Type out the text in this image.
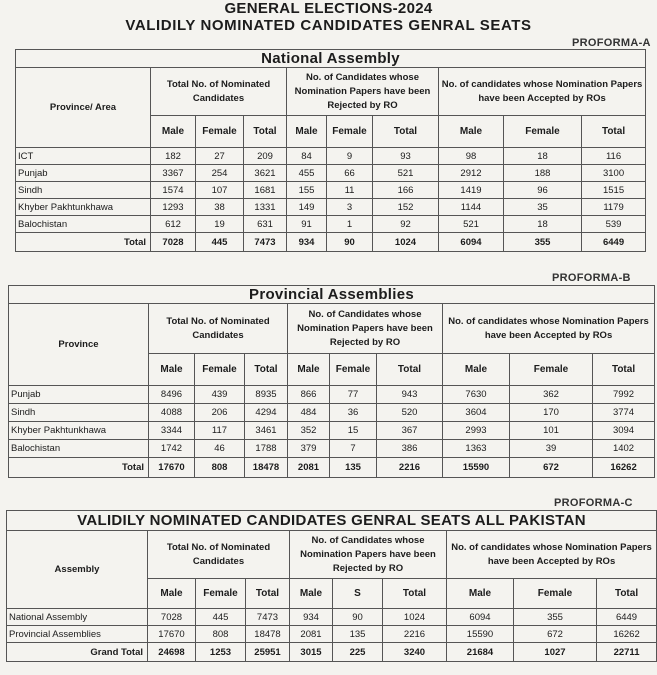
GENERAL ELECTIONS-2024
VALIDILY NOMINATED CANDIDATES GENRAL SEATS
PROFORMA-A
National Assembly									
Province/ Area	Total No. of Nominated Candidates			No. of Candidates whose Nomination Papers have been Rejected by RO			No. of candidates whose Nomination Papers have been Accepted by ROs		
	Male	Female	Total	Male	Female	Total	Male	Female	Total
ICT	182	27	209	84	9	93	98	18	116
Punjab	3367	254	3621	455	66	521	2912	188	3100
Sindh	1574	107	1681	155	11	166	1419	96	1515
Khyber Pakhtunkhawa	1293	38	1331	149	3	152	1144	35	1179
Balochistan	612	19	631	91	1	92	521	18	539
Total	7028	445	7473	934	90	1024	6094	355	6449
PROFORMA-B
Provincial Assemblies									
Province	Total No. of Nominated Candidates			No. of Candidates whose Nomination Papers have been Rejected by RO			No. of candidates whose Nomination Papers have been Accepted by ROs		
	Male	Female	Total	Male	Female	Total	Male	Female	Total
Punjab	8496	439	8935	866	77	943	7630	362	7992
Sindh	4088	206	4294	484	36	520	3604	170	3774
Khyber Pakhtunkhawa	3344	117	3461	352	15	367	2993	101	3094
Balochistan	1742	46	1788	379	7	386	1363	39	1402
Total	17670	808	18478	2081	135	2216	15590	672	16262
PROFORMA-C
VALIDILY NOMINATED CANDIDATES GENRAL SEATS ALL PAKISTAN									
Assembly	Total No. of Nominated Candidates			No. of Candidates whose Nomination Papers have been Rejected by RO			No. of candidates whose Nomination Papers have been Accepted by ROs		
	Male	Female	Total	Male	S	Total	Male	Female	Total
National Assembly	7028	445	7473	934	90	1024	6094	355	6449
Provincial Assemblies	17670	808	18478	2081	135	2216	15590	672	16262
Grand Total	24698	1253	25951	3015	225	3240	21684	1027	22711
